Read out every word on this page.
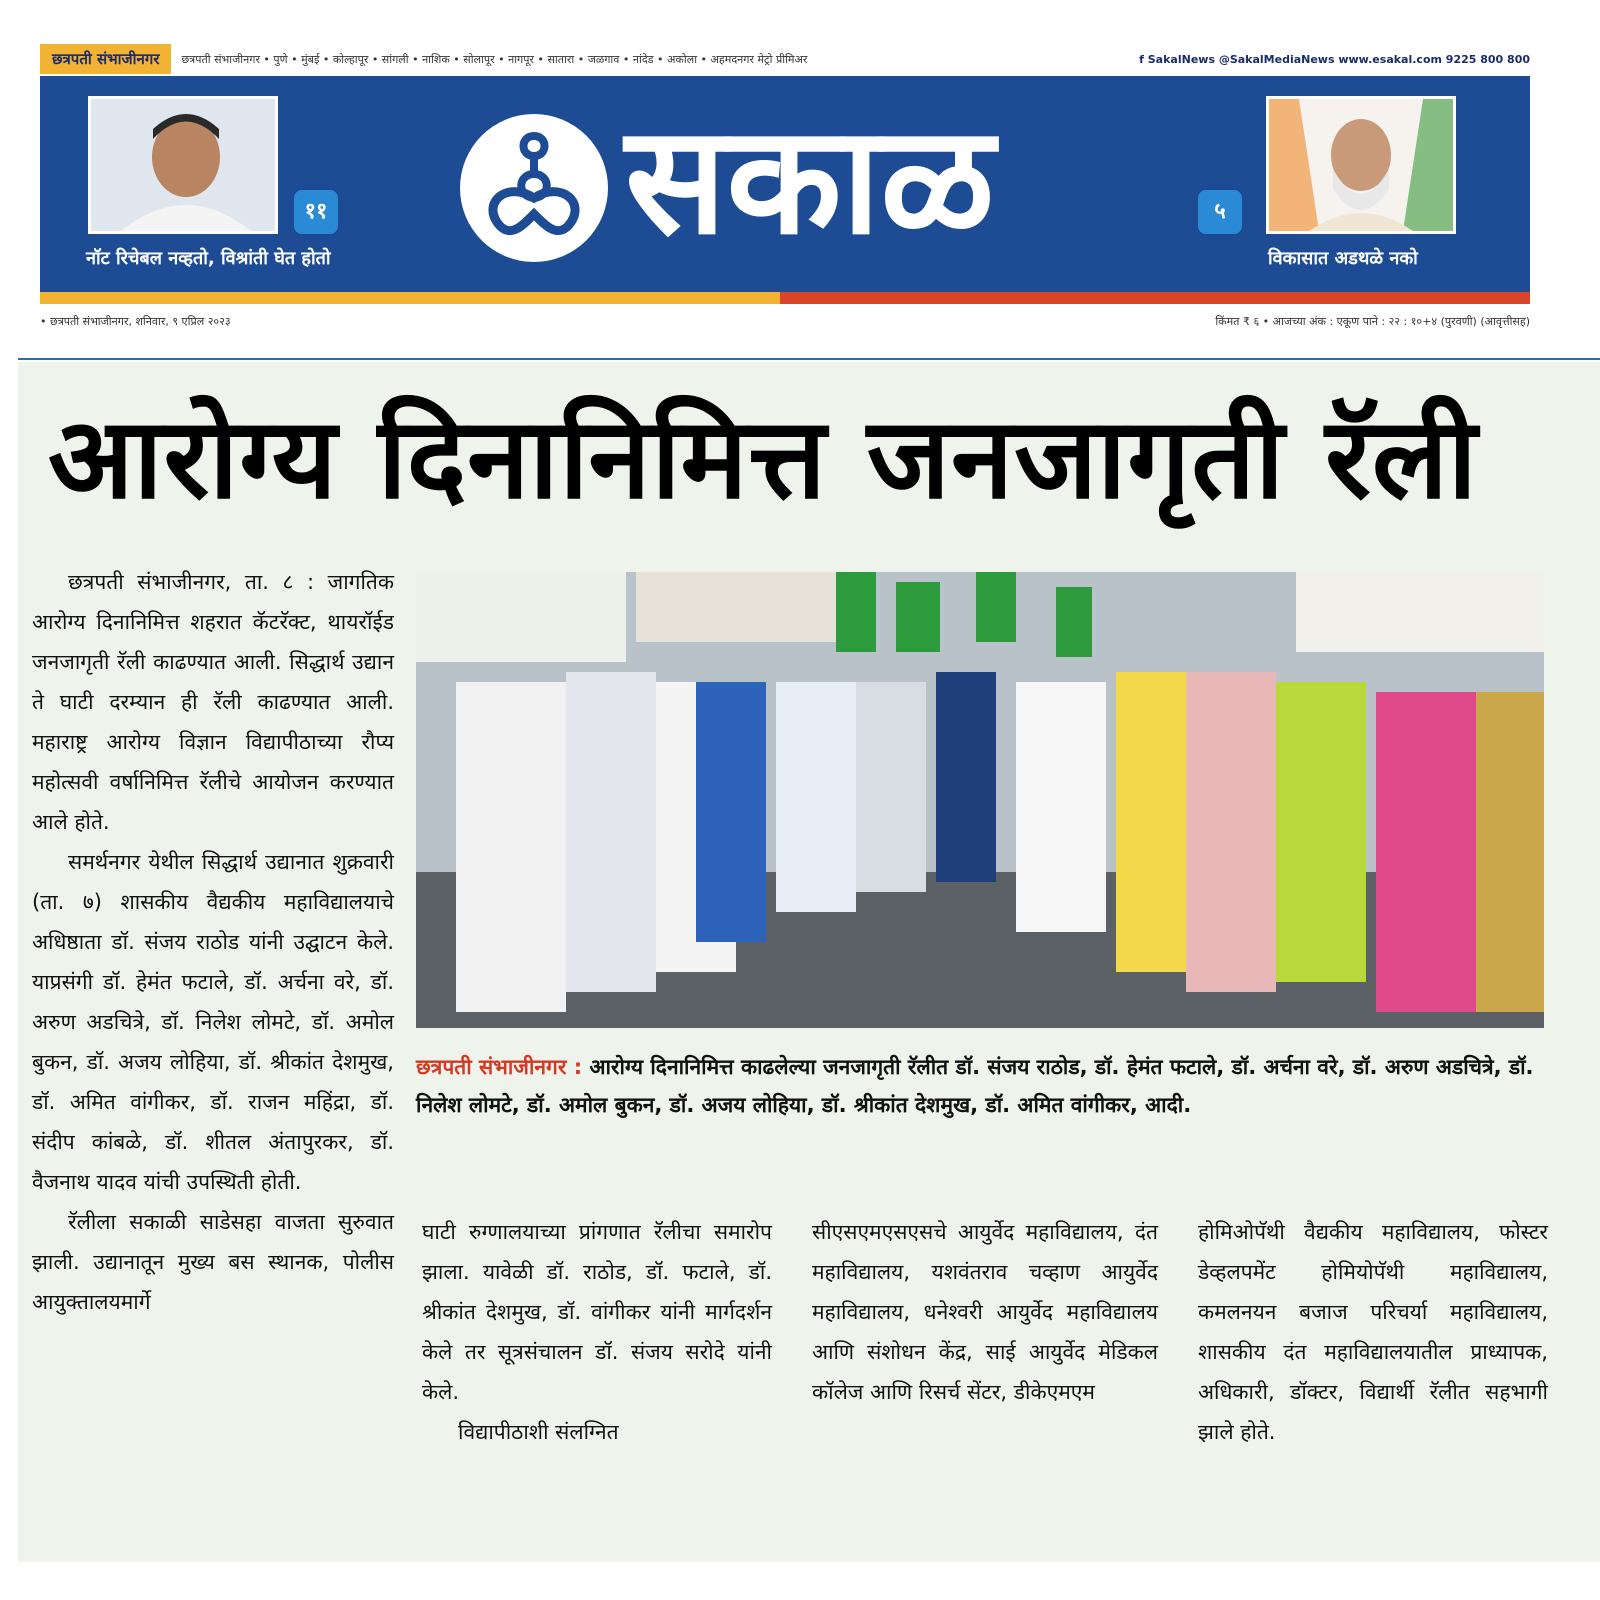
छत्रपती संभाजीनगर	छत्रपती संभाजीनगर • पुणे • मुंबई • कोल्हापूर • सांगली • नाशिक • सोलापूर • नागपूर • सातारा • जळगाव • नांदेड • अकोला • अहमदनगर मेट्रो प्रीमिअर	f SakalNews @SakalMediaNews www.esakal.com 9225 800 800
११
नॉट रिचेबल नव्हतो, विश्रांती घेत होतो सकाळ	५
विकासात अडथळे नको
• छत्रपती संभाजीनगर, शनिवार, ९ एप्रिल २०२३	किंमत ₹ ६ • आजच्या अंक : एकूण पाने : २२ : १०+४ (पुरवणी) (आवृत्तीसह)
आरोग्य दिनानिमित्त जनजागृती रॅली

छत्रपती संभाजीनगर, ता. ८ : जागतिक आरोग्य दिनानिमित्त शहरात कॅटरॅक्ट, थायरॉईड जनजागृती रॅली काढण्यात आली. सिद्धार्थ उद्यान ते घाटी दरम्यान ही रॅली काढण्यात आली. महाराष्ट्र आरोग्य विज्ञान विद्यापीठाच्या रौप्य महोत्सवी वर्षानिमित्त रॅलीचे आयोजन करण्यात आले होते.

समर्थनगर येथील सिद्धार्थ उद्यानात शुक्रवारी (ता. ७) शासकीय वैद्यकीय महाविद्यालयाचे अधिष्ठाता डॉ. संजय राठोड यांनी उद्घाटन केले. याप्रसंगी डॉ. हेमंत फटाले, डॉ. अर्चना वरे, डॉ. अरुण अडचित्रे, डॉ. निलेश लोमटे, डॉ. अमोल बुकन, डॉ. अजय लोहिया, डॉ. श्रीकांत देशमुख, डॉ. अमित वांगीकर, डॉ. राजन महिंद्रा, डॉ. संदीप कांबळे, डॉ. शीतल अंतापुरकर, डॉ. वैजनाथ यादव यांची उपस्थिती होती.

रॅलीला सकाळी साडेसहा वाजता सुरुवात झाली. उद्यानातून मुख्य बस स्थानक, पोलीस आयुक्तालयमार्गे

छत्रपती संभाजीनगर : आरोग्य दिनानिमित्त काढलेल्या जनजागृती रॅलीत डॉ. संजय राठोड, डॉ. हेमंत फटाले, डॉ. अर्चना वरे, डॉ. अरुण अडचित्रे, डॉ. निलेश लोमटे, डॉ. अमोल बुकन, डॉ. अजय लोहिया, डॉ. श्रीकांत देशमुख, डॉ. अमित वांगीकर, आदी.

घाटी रुग्णालयाच्या प्रांगणात रॅलीचा समारोप झाला. यावेळी डॉ. राठोड, डॉ. फटाले, डॉ. श्रीकांत देशमुख, डॉ. वांगीकर यांनी मार्गदर्शन केले तर सूत्रसंचालन डॉ. संजय सरोदे यांनी केले.

विद्यापीठाशी संलग्नित

सीएसएमएसएसचे आयुर्वेद महाविद्यालय, दंत महाविद्यालय, यशवंतराव चव्हाण आयुर्वेद महाविद्यालय, धनेश्वरी आयुर्वेद महाविद्यालय आणि संशोधन केंद्र, साई आयुर्वेद मेडिकल कॉलेज आणि रिसर्च सेंटर, डीकेएमएम

होमिओपॅथी वैद्यकीय महाविद्यालय, फोस्टर डेव्हलपमेंट होमियोपॅथी महाविद्यालय, कमलनयन बजाज परिचर्या महाविद्यालय, शासकीय दंत महाविद्यालयातील प्राध्यापक, अधिकारी, डॉक्टर, विद्यार्थी रॅलीत सहभागी झाले होते.
